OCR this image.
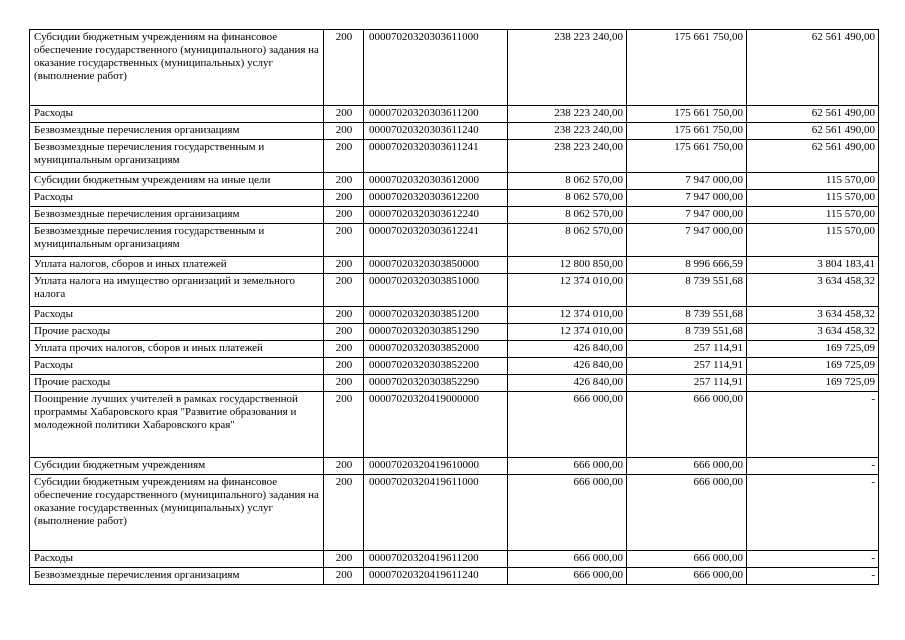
Субсидии бюджетным учреждениям на финансовое обеспечение государственного (муниципального) задания на оказание государственных (муниципальных) услуг (выполнение работ)	200	00007020320303611000	238 223 240,00	175 661 750,00	62 561 490,00
Расходы	200	00007020320303611200	238 223 240,00	175 661 750,00	62 561 490,00
Безвозмездные перечисления организациям	200	00007020320303611240	238 223 240,00	175 661 750,00	62 561 490,00
Безвозмездные перечисления государственным и муниципальным организациям	200	00007020320303611241	238 223 240,00	175 661 750,00	62 561 490,00
Субсидии бюджетным учреждениям на иные цели	200	00007020320303612000	8 062 570,00	7 947 000,00	115 570,00
Расходы	200	00007020320303612200	8 062 570,00	7 947 000,00	115 570,00
Безвозмездные перечисления организациям	200	00007020320303612240	8 062 570,00	7 947 000,00	115 570,00
Безвозмездные перечисления государственным и муниципальным организациям	200	00007020320303612241	8 062 570,00	7 947 000,00	115 570,00
Уплата налогов, сборов и иных платежей	200	00007020320303850000	12 800 850,00	8 996 666,59	3 804 183,41
Уплата налога на имущество организаций и земельного налога	200	00007020320303851000	12 374 010,00	8 739 551,68	3 634 458,32
Расходы	200	00007020320303851200	12 374 010,00	8 739 551,68	3 634 458,32
Прочие расходы	200	00007020320303851290	12 374 010,00	8 739 551,68	3 634 458,32
Уплата прочих налогов, сборов и иных платежей	200	00007020320303852000	426 840,00	257 114,91	169 725,09
Расходы	200	00007020320303852200	426 840,00	257 114,91	169 725,09
Прочие расходы	200	00007020320303852290	426 840,00	257 114,91	169 725,09
Поощрение лучших учителей в рамках государственной программы Хабаровского края "Развитие образования и молодежной политики Хабаровского края"	200	00007020320419000000	666 000,00	666 000,00	-
Субсидии бюджетным учреждениям	200	00007020320419610000	666 000,00	666 000,00	-
Субсидии бюджетным учреждениям на финансовое обеспечение государственного (муниципального) задания на оказание государственных (муниципальных) услуг (выполнение работ)	200	00007020320419611000	666 000,00	666 000,00	-
Расходы	200	00007020320419611200	666 000,00	666 000,00	-
Безвозмездные перечисления организациям	200	00007020320419611240	666 000,00	666 000,00	-
